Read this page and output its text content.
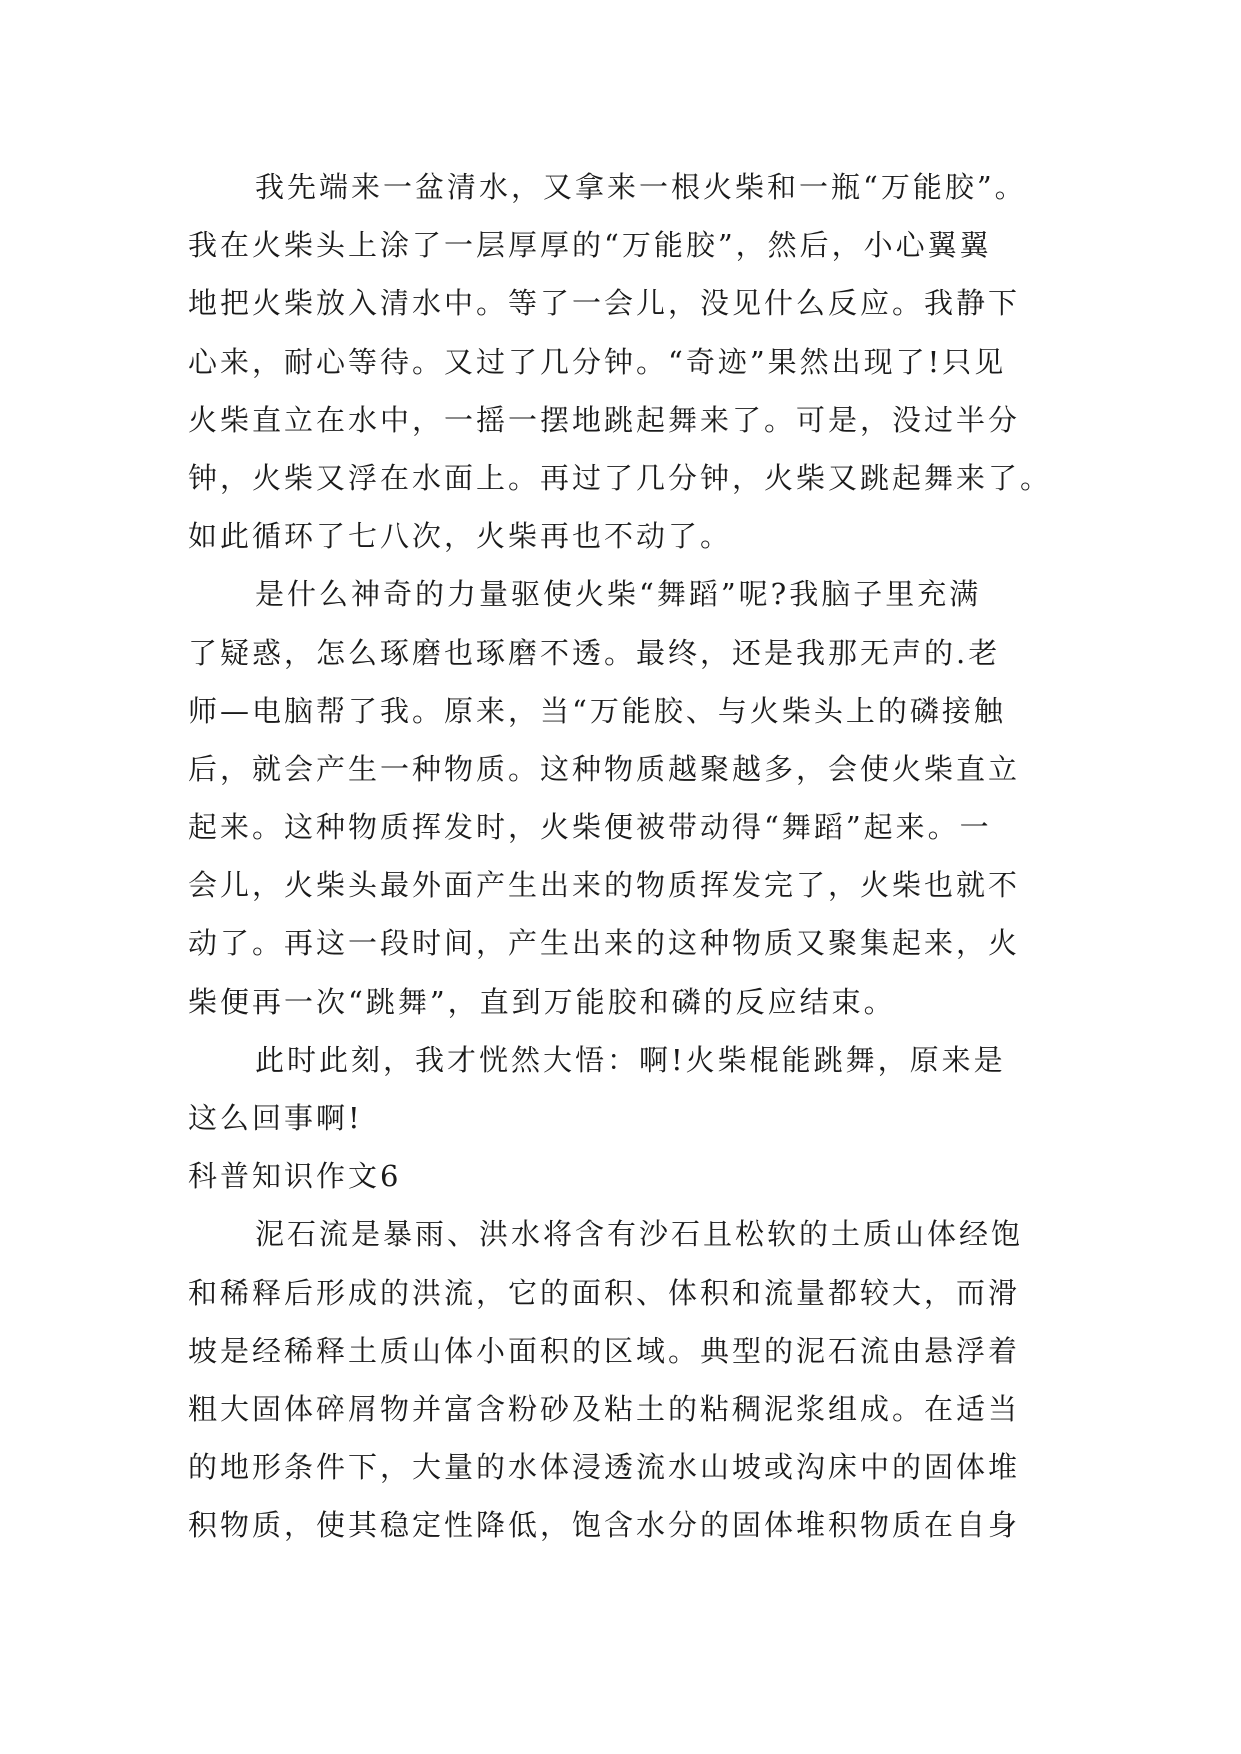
我先端来一盆清水，又拿来一根火柴和一瓶“万能胶”。
我在火柴头上涂了一层厚厚的“万能胶”，然后，小心翼翼
地把火柴放入清水中。等了一会儿，没见什么反应。我静下
心来，耐心等待。又过了几分钟。“奇迹”果然出现了!只见
火柴直立在水中，一摇一摆地跳起舞来了。可是，没过半分
钟，火柴又浮在水面上。再过了几分钟，火柴又跳起舞来了。
如此循环了七八次，火柴再也不动了。
是什么神奇的力量驱使火柴“舞蹈”呢?我脑子里充满
了疑惑，怎么琢磨也琢磨不透。最终，还是我那无声的.老
师—电脑帮了我。原来，当“万能胶、与火柴头上的磷接触
后，就会产生一种物质。这种物质越聚越多，会使火柴直立
起来。这种物质挥发时，火柴便被带动得“舞蹈”起来。一
会儿，火柴头最外面产生出来的物质挥发完了，火柴也就不
动了。再这一段时间，产生出来的这种物质又聚集起来，火
柴便再一次“跳舞”，直到万能胶和磷的反应结束。
此时此刻，我才恍然大悟：啊!火柴棍能跳舞，原来是
这么回事啊!
科普知识作文6
泥石流是暴雨、洪水将含有沙石且松软的土质山体经饱
和稀释后形成的洪流，它的面积、体积和流量都较大，而滑
坡是经稀释土质山体小面积的区域。典型的泥石流由悬浮着
粗大固体碎屑物并富含粉砂及粘土的粘稠泥浆组成。在适当
的地形条件下，大量的水体浸透流水山坡或沟床中的固体堆
积物质，使其稳定性降低，饱含水分的固体堆积物质在自身
